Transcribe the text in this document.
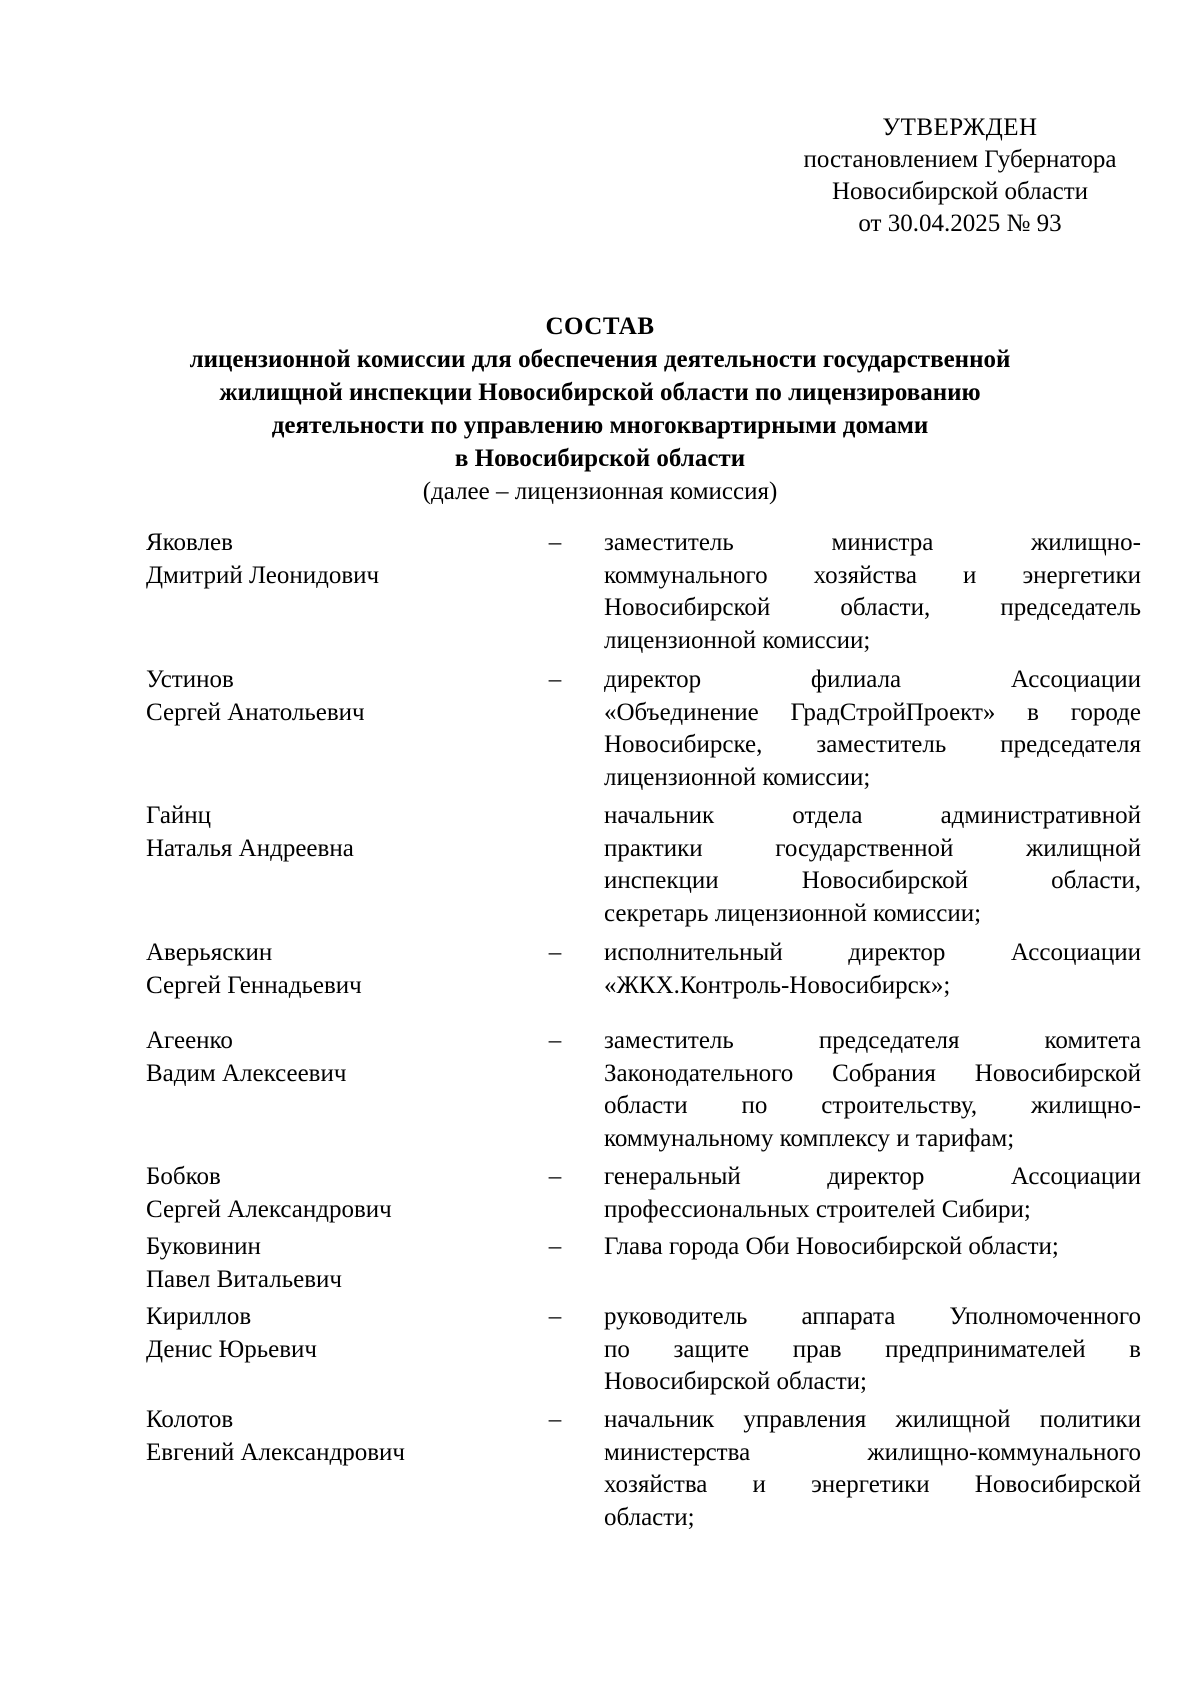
УТВЕРЖДЕН
постановлением Губернатора
Новосибирской области
от 30.04.2025 № 93
СОСТАВ
лицензионной комиссии для обеспечения деятельности государственной
жилищной инспекции Новосибирской области по лицензированию
деятельности по управлению многоквартирными домами
в Новосибирской области
(далее – лицензионная комиссия)
Яковлев
Дмитрий Леонидович
– заместитель министра жилищно-
коммунального хозяйства и энергетики
Новосибирской области, председатель
лицензионной комиссии;
Устинов
Сергей Анатольевич
– директор филиала Ассоциации
«Объединение ГрадСтройПроект» в городе
Новосибирске, заместитель председателя
лицензионной комиссии;
Гайнц
Наталья Андреевна
начальник отдела административной
практики государственной жилищной
инспекции Новосибирской области,
секретарь лицензионной комиссии;
Аверьяскин
Сергей Геннадьевич
– исполнительный директор Ассоциации
«ЖКХ.Контроль-Новосибирск»;
Агеенко
Вадим Алексеевич
– заместитель председателя комитета
Законодательного Собрания Новосибирской
области по строительству, жилищно-
коммунальному комплексу и тарифам;
Бобков
Сергей Александрович
– генеральный директор Ассоциации
профессиональных строителей Сибири;
Буковинин
Павел Витальевич
– Глава города Оби Новосибирской области;
Кириллов
Денис Юрьевич
– руководитель аппарата Уполномоченного
по защите прав предпринимателей в
Новосибирской области;
Колотов
Евгений Александрович
– начальник управления жилищной политики
министерства жилищно-коммунального
хозяйства и энергетики Новосибирской
области;
